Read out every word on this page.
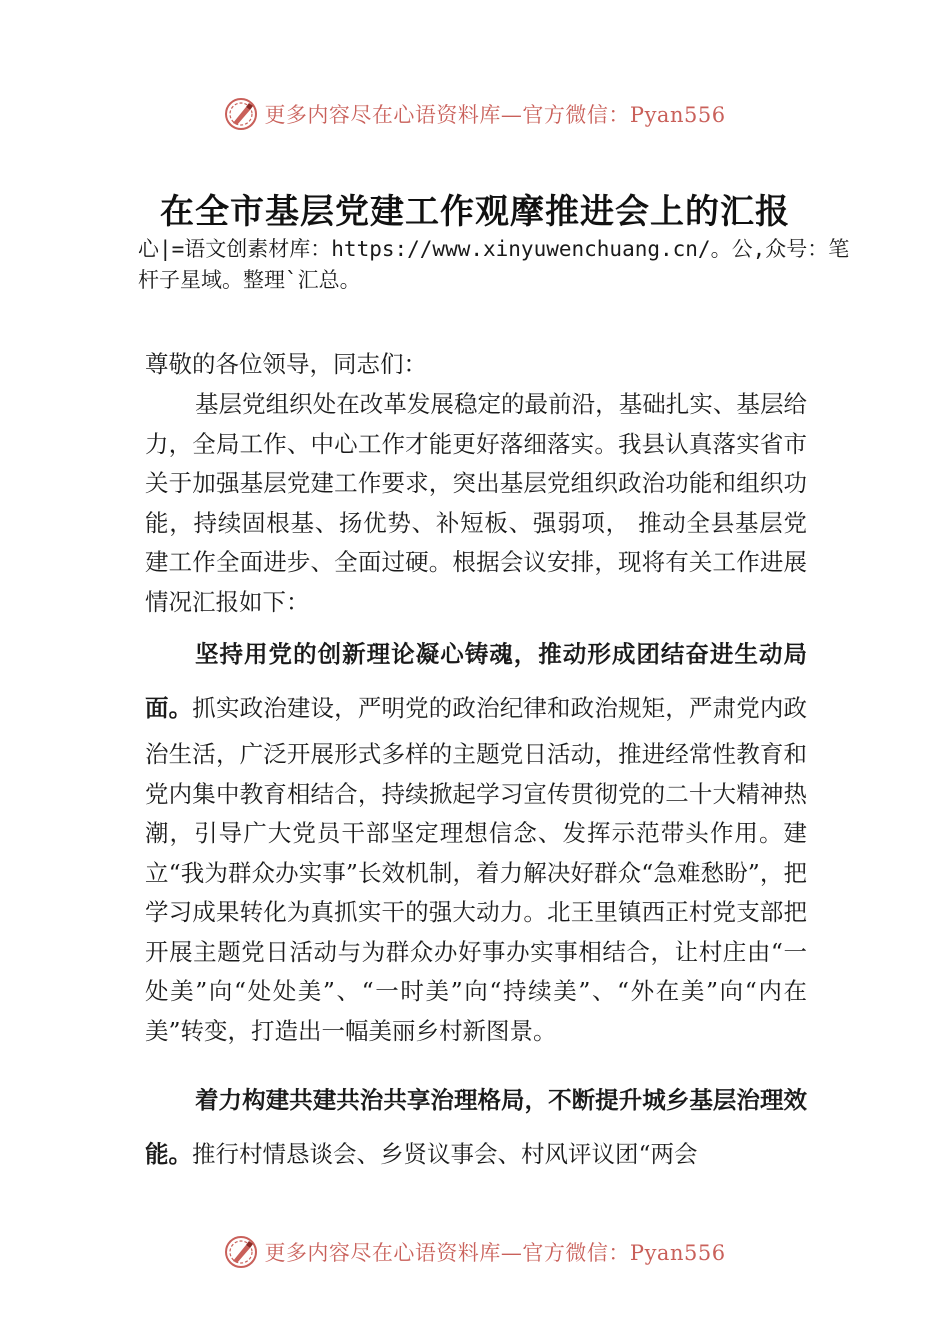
更多内容尽在心语资料库—官方微信：Pyan556
在全市基层党建工作观摩推进会上的汇报
心|=语文创素材库：https://www.xinyuwenchuang.cn/。公,众号：笔杆子星域。整理`汇总。
尊敬的各位领导，同志们：
基层党组织处在改革发展稳定的最前沿，基础扎实、基层给力，全局工作、中心工作才能更好落细落实。我县认真落实省市关于加强基层党建工作要求，突出基层党组织政治功能和组织功能，持续固根基、扬优势、补短板、强弱项， 推动全县基层党建工作全面进步、全面过硬。根据会议安排，现将有关工作进展情况汇报如下：
坚持用党的创新理论凝心铸魂，推动形成团结奋进生动局面。抓实政治建设，严明党的政治纪律和政治规矩，严肃党内政治生活，广泛开展形式多样的主题党日活动，推进经常性教育和党内集中教育相结合，持续掀起学习宣传贯彻党的二十大精神热潮，引导广大党员干部坚定理想信念、发挥示范带头作用。建立“我为群众办实事”长效机制，着力解决好群众“急难愁盼”，把学习成果转化为真抓实干的强大动力。北王里镇西正村党支部把开展主题党日活动与为群众办好事办实事相结合，让村庄由“一处美”向“处处美”、“一时美”向“持续美”、“外在美”向“内在美”转变，打造出一幅美丽乡村新图景。
着力构建共建共治共享治理格局，不断提升城乡基层治理效能。推行村情恳谈会、乡贤议事会、村风评议团“两会
更多内容尽在心语资料库—官方微信：Pyan556
